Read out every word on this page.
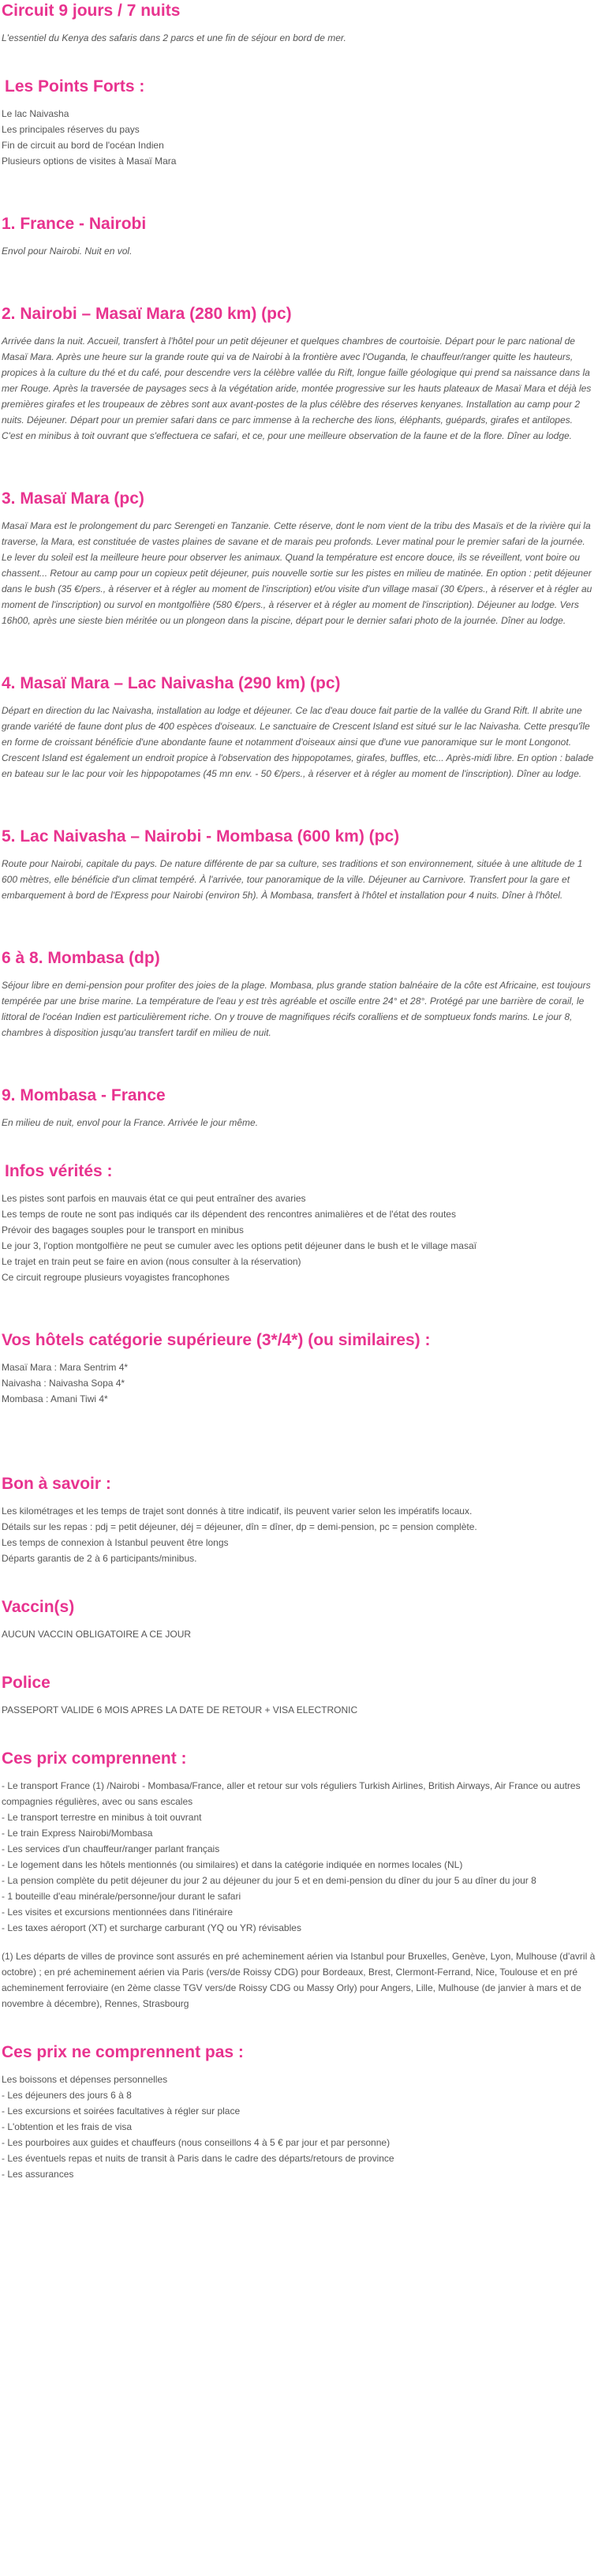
Circuit 9 jours / 7 nuits

L'essentiel du Kenya des safaris dans 2 parcs et une fin de séjour en bord de mer.

Les Points Forts :

Le lac Naivasha

Les principales réserves du pays

Fin de circuit au bord de l'océan Indien

Plusieurs options de visites à Masaï Mara

1. France - Nairobi

Envol pour Nairobi. Nuit en vol.

2. Nairobi – Masaï Mara (280 km) (pc)

Arrivée dans la nuit. Accueil, transfert à l'hôtel pour un petit déjeuner et quelques chambres de courtoisie. Départ pour le parc national de Masaï Mara. Après une heure sur la grande route qui va de Nairobi à la frontière avec l'Ouganda, le chauffeur/ranger quitte les hauteurs, propices à la culture du thé et du café, pour descendre vers la célèbre vallée du Rift, longue faille géologique qui prend sa naissance dans la mer Rouge. Après la traversée de paysages secs à la végétation aride, montée progressive sur les hauts plateaux de Masaï Mara et déjà les premières girafes et les troupeaux de zèbres sont aux avant-postes de la plus célèbre des réserves kenyanes. Installation au camp pour 2 nuits. Déjeuner. Départ pour un premier safari dans ce parc immense à la recherche des lions, éléphants, guépards, girafes et antilopes. C'est en minibus à toit ouvrant que s'effectuera ce safari, et ce, pour une meilleure observation de la faune et de la flore. Dîner au lodge.

3. Masaï Mara (pc)

Masaï Mara est le prolongement du parc Serengeti en Tanzanie. Cette réserve, dont le nom vient de la tribu des Masaïs et de la rivière qui la traverse, la Mara, est constituée de vastes plaines de savane et de marais peu profonds. Lever matinal pour le premier safari de la journée. Le lever du soleil est la meilleure heure pour observer les animaux. Quand la température est encore douce, ils se réveillent, vont boire ou chassent... Retour au camp pour un copieux petit déjeuner, puis nouvelle sortie sur les pistes en milieu de matinée. En option : petit déjeuner dans le bush (35 €/pers., à réserver et à régler au moment de l'inscription) et/ou visite d'un village masaï (30 €/pers., à réserver et à régler au moment de l'inscription) ou survol en montgolfière (580 €/pers., à réserver et à régler au moment de l'inscription). Déjeuner au lodge. Vers 16h00, après une sieste bien méritée ou un plongeon dans la piscine, départ pour le dernier safari photo de la journée. Dîner au lodge.

4. Masaï Mara – Lac Naivasha (290 km) (pc)

Départ en direction du lac Naivasha, installation au lodge et déjeuner. Ce lac d'eau douce fait partie de la vallée du Grand Rift. Il abrite une grande variété de faune dont plus de 400 espèces d'oiseaux. Le sanctuaire de Crescent Island est situé sur le lac Naivasha. Cette presqu'île en forme de croissant bénéficie d'une abondante faune et notamment d'oiseaux ainsi que d'une vue panoramique sur le mont Longonot. Crescent Island est également un endroit propice à l'observation des hippopotames, girafes, buffles, etc... Après-midi libre. En option : balade en bateau sur le lac pour voir les hippopotames (45 mn env. - 50 €/pers., à réserver et à régler au moment de l'inscription). Dîner au lodge.

5. Lac Naivasha – Nairobi - Mombasa (600 km) (pc)

Route pour Nairobi, capitale du pays. De nature différente de par sa culture, ses traditions et son environnement, située à une altitude de 1 600 mètres, elle bénéficie d'un climat tempéré. À l'arrivée, tour panoramique de la ville. Déjeuner au Carnivore. Transfert pour la gare et embarquement à bord de l'Express pour Nairobi (environ 5h). À Mombasa, transfert à l'hôtel et installation pour 4 nuits. Dîner à l'hôtel.

6 à 8. Mombasa (dp)

Séjour libre en demi-pension pour profiter des joies de la plage. Mombasa, plus grande station balnéaire de la côte est Africaine, est toujours tempérée par une brise marine. La température de l'eau y est très agréable et oscille entre 24° et 28°. Protégé par une barrière de corail, le littoral de l'océan Indien est particulièrement riche. On y trouve de magnifiques récifs coralliens et de somptueux fonds marins. Le jour 8, chambres à disposition jusqu'au transfert tardif en milieu de nuit.

9. Mombasa - France

En milieu de nuit, envol pour la France. Arrivée le jour même.

Infos vérités :

Les pistes sont parfois en mauvais état ce qui peut entraîner des avaries

Les temps de route ne sont pas indiqués car ils dépendent des rencontres animalières et de l'état des routes

Prévoir des bagages souples pour le transport en minibus

Le jour 3, l'option montgolfière ne peut se cumuler avec les options petit déjeuner dans le bush et le village masaï

Le trajet en train peut se faire en avion (nous consulter à la réservation)

Ce circuit regroupe plusieurs voyagistes francophones

Vos hôtels catégorie supérieure (3*/4*) (ou similaires) :

Masaï Mara : Mara Sentrim 4*

Naivasha : Naivasha Sopa 4*

Mombasa : Amani Tiwi 4*

Bon à savoir :

Les kilométrages et les temps de trajet sont donnés à titre indicatif, ils peuvent varier selon les impératifs locaux.

Détails sur les repas : pdj = petit déjeuner, déj = déjeuner, dîn = dîner, dp = demi-pension, pc = pension complète.

Les temps de connexion à Istanbul peuvent être longs

Départs garantis de 2 à 6 participants/minibus.

Vaccin(s)

AUCUN VACCIN OBLIGATOIRE A CE JOUR

Police

PASSEPORT VALIDE 6 MOIS APRES LA DATE DE RETOUR + VISA ELECTRONIC

Ces prix comprennent :

- Le transport France (1) /Nairobi - Mombasa/France, aller et retour sur vols réguliers Turkish Airlines, British Airways, Air France ou autres compagnies régulières, avec ou sans escales

- Le transport terrestre en minibus à toit ouvrant

- Le train Express Nairobi/Mombasa

- Les services d'un chauffeur/ranger parlant français

- Le logement dans les hôtels mentionnés (ou similaires) et dans la catégorie indiquée en normes locales (NL)

- La pension complète du petit déjeuner du jour 2 au déjeuner du jour 5 et en demi-pension du dîner du jour 5 au dîner du jour 8

- 1 bouteille d'eau minérale/personne/jour durant le safari

- Les visites et excursions mentionnées dans l'itinéraire

- Les taxes aéroport (XT) et surcharge carburant (YQ ou YR) révisables

(1) Les départs de villes de province sont assurés en pré acheminement aérien via Istanbul pour Bruxelles, Genève, Lyon, Mulhouse (d'avril à octobre) ; en pré acheminement aérien via Paris (vers/de Roissy CDG) pour Bordeaux, Brest, Clermont-Ferrand, Nice, Toulouse et en pré acheminement ferroviaire (en 2ème classe TGV vers/de Roissy CDG ou Massy Orly) pour Angers, Lille, Mulhouse (de janvier à mars et de novembre à décembre), Rennes, Strasbourg

Ces prix ne comprennent pas :

Les boissons et dépenses personnelles

- Les déjeuners des jours 6 à 8

- Les excursions et soirées facultatives à régler sur place

- L'obtention et les frais de visa

- Les pourboires aux guides et chauffeurs (nous conseillons 4 à 5 € par jour et par personne)

- Les éventuels repas et nuits de transit à Paris dans le cadre des départs/retours de province

- Les assurances
